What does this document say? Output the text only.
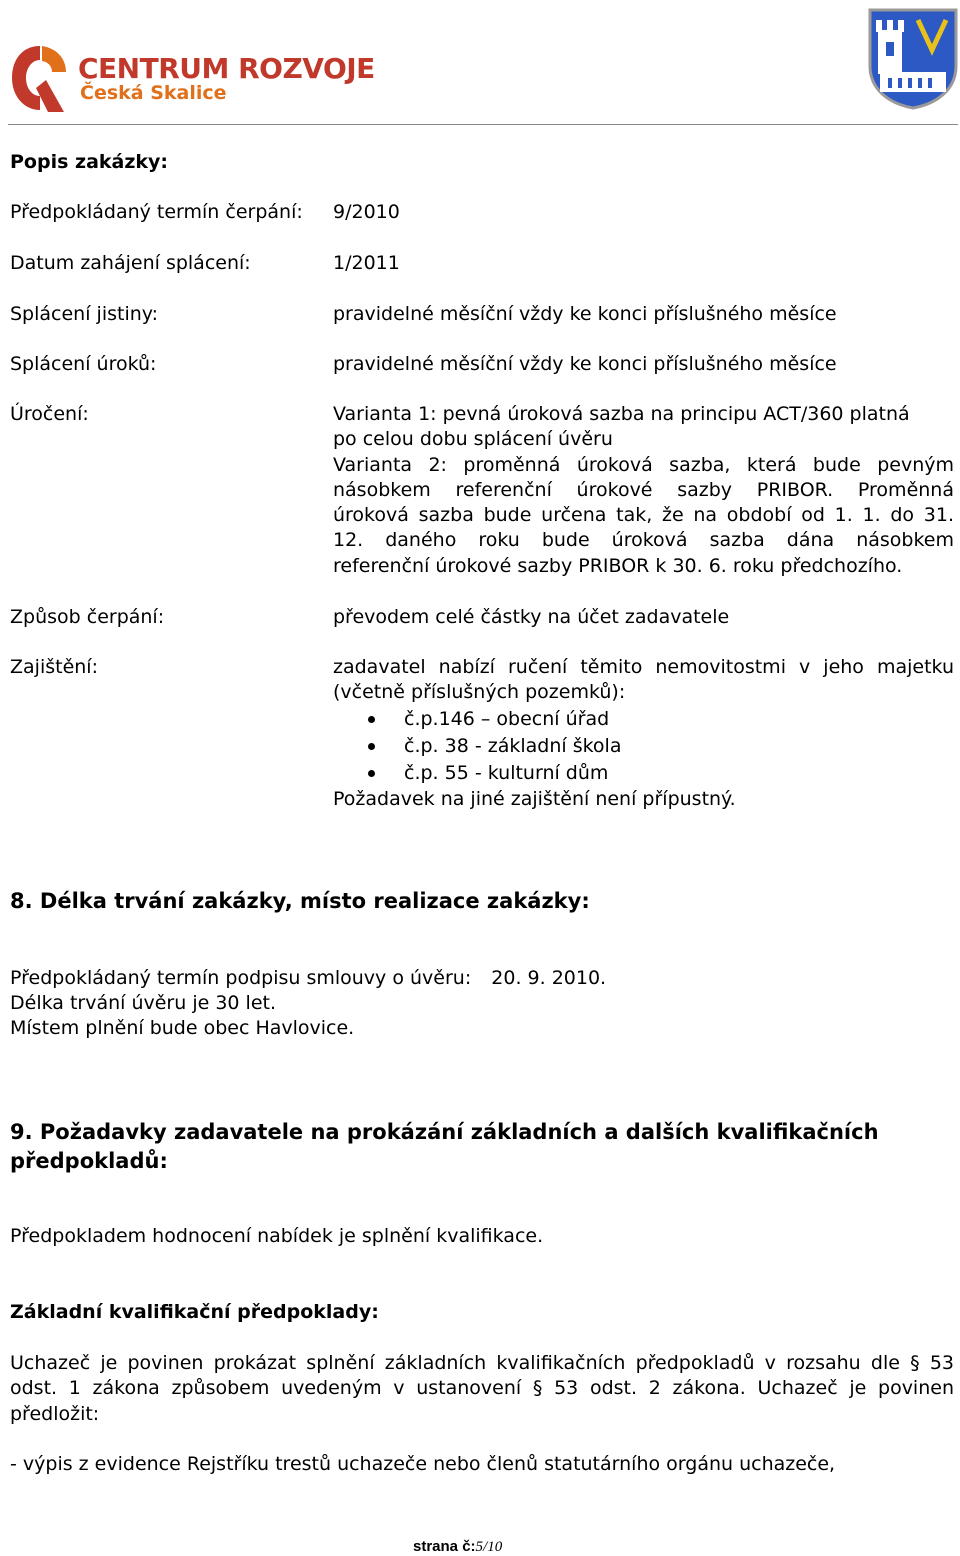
CENTRUM ROZVOJE
Česká Skalice
Popis zakázky:
Předpokládaný termín čerpání: 9/2010
Datum zahájení splácení:	1/2011
Splácení jistiny:	pravidelné měsíční vždy ke konci příslušného měsíce
Splácení úroků:	pravidelné měsíční vždy ke konci příslušného měsíce
Úročení:	Varianta 1: pevná úroková sazba na principu ACT/360 platná
po celou dobu splácení úvěru
Varianta 2: proměnná úroková sazba, která bude pevným
násobkem referenční úrokové sazby PRIBOR. Proměnná
úroková sazba bude určena tak, že na období od 1. 1. do 31.
12. daného roku bude úroková sazba dána násobkem
referenční úrokové sazby PRIBOR k 30. 6. roku předchozího.
Způsob čerpání:	převodem celé částky na účet zadavatele
Zajištění:	zadavatel nabízí ručení těmito nemovitostmi v jeho majetku
(včetně příslušných pozemků):
č.p.146 – obecní úřad
č.p. 38 - základní škola
č.p. 55 - kulturní dům
Požadavek na jiné zajištění není přípustný.
8. Délka trvání zakázky, místo realizace zakázky:
Předpokládaný termín podpisu smlouvy o úvěru: 20. 9. 2010.
Délka trvání úvěru je 30 let.
Místem plnění bude obec Havlovice.
9. Požadavky zadavatele na prokázání základních a dalších kvalifikačních
předpokladů:
Předpokladem hodnocení nabídek je splnění kvalifikace.
Základní kvalifikační předpoklady:
Uchazeč je povinen prokázat splnění základních kvalifikačních předpokladů v rozsahu dle § 53
odst. 1 zákona způsobem uvedeným v ustanovení § 53 odst. 2 zákona. Uchazeč je povinen
předložit:
- výpis z evidence Rejstříku trestů uchazeče nebo členů statutárního orgánu uchazeče,
strana č:5/10
